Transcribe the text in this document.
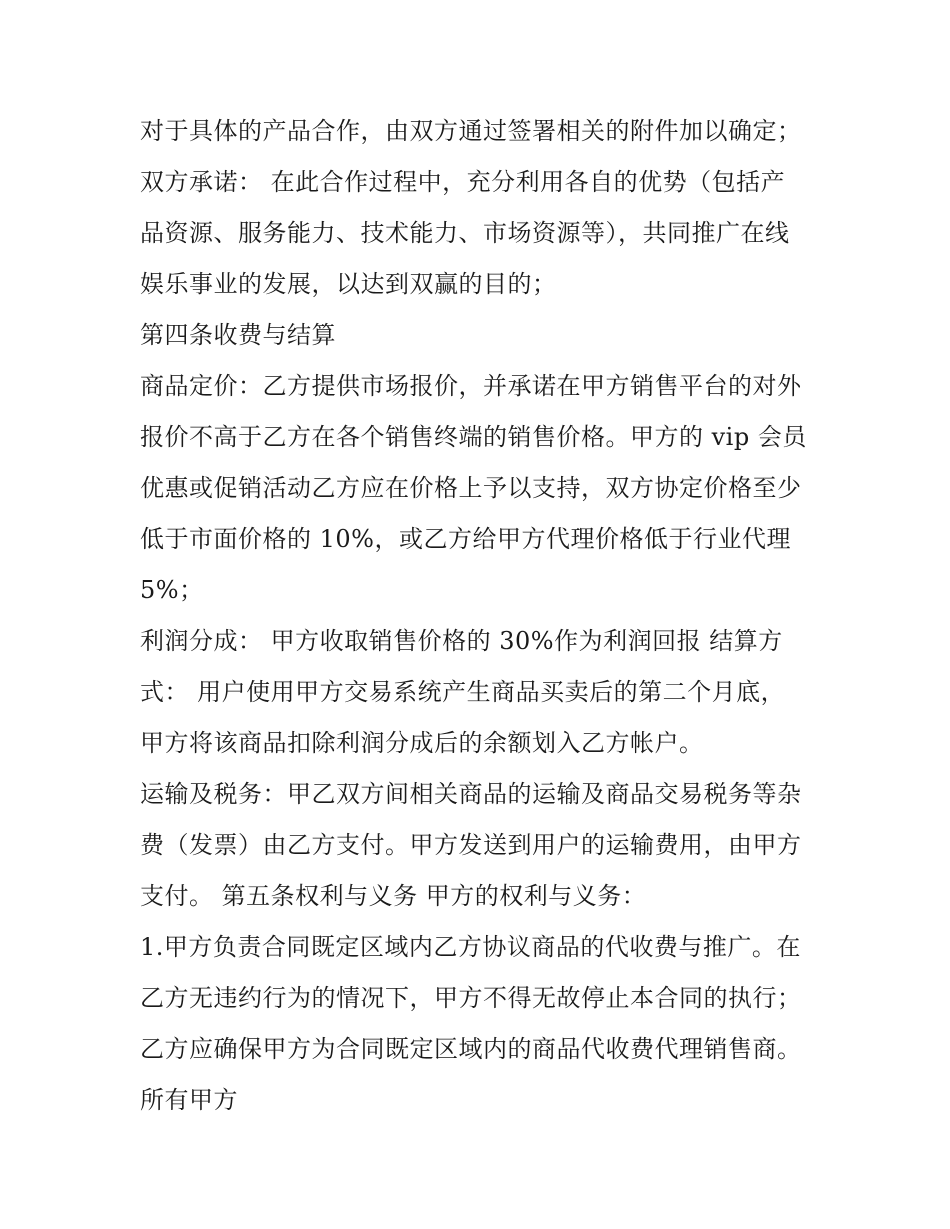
对于具体的产品合作，由双方通过签署相关的附件加以确定；
双方承诺： 在此合作过程中，充分利用各自的优势（包括产
品资源、服务能力、技术能力、市场资源等），共同推广在线
娱乐事业的发展，以达到双赢的目的；
第四条收费与结算
商品定价：乙方提供市场报价，并承诺在甲方销售平台的对外
报价不高于乙方在各个销售终端的销售价格。甲方的 vip 会员
优惠或促销活动乙方应在价格上予以支持，双方协定价格至少
低于市面价格的 10%，或乙方给甲方代理价格低于行业代理
5%；
利润分成： 甲方收取销售价格的 30%作为利润回报 结算方
式： 用户使用甲方交易系统产生商品买卖后的第二个月底，
甲方将该商品扣除利润分成后的余额划入乙方帐户。
运输及税务：甲乙双方间相关商品的运输及商品交易税务等杂
费（发票）由乙方支付。甲方发送到用户的运输费用，由甲方
支付。 第五条权利与义务 甲方的权利与义务：
1.甲方负责合同既定区域内乙方协议商品的代收费与推广。在
乙方无违约行为的情况下，甲方不得无故停止本合同的执行；
乙方应确保甲方为合同既定区域内的商品代收费代理销售商。
所有甲方
